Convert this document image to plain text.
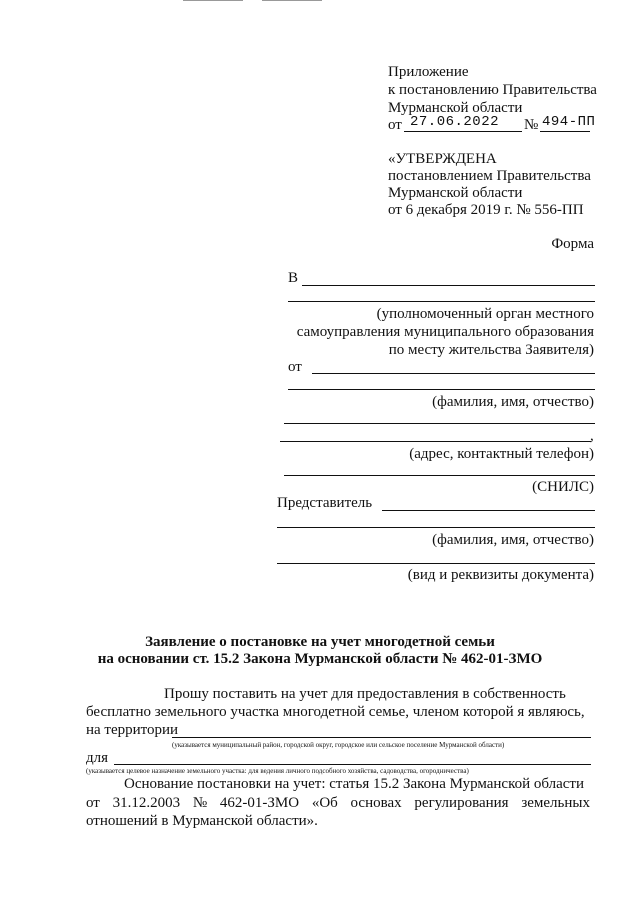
Приложение
к постановлению Правительства
Мурманской области
от 27.06.2022 № 494-ПП
«УТВЕРЖДЕНА
постановлением Правительства
Мурманской области
от 6 декабря 2019 г. № 556-ПП
Форма
В
(уполномоченный орган местного
самоуправления муниципального образования
по месту жительства Заявителя)
от
(фамилия, имя, отчество)
,
(адрес, контактный телефон)
(СНИЛС)
Представитель
(фамилия, имя, отчество)
(вид и реквизиты документа)
Заявление о постановке на учет многодетной семьи
на основании ст. 15.2 Закона Мурманской области № 462-01-ЗМО
Прошу поставить на учет для предоставления в собственность
бесплатно земельного участка многодетной семье, членом которой я являюсь,
на территории
(указывается муниципальный район, городской округ, городское или сельское поселение Мурманской области)
для
(указывается целевое назначение земельного участка: для ведения личного подсобного хозяйства, садоводства, огородничества)
Основание постановки на учет: статья 15.2 Закона Мурманской области
от 31.12.2003 № 462-01-ЗМО «Об основах регулирования земельных
отношений в Мурманской области».
